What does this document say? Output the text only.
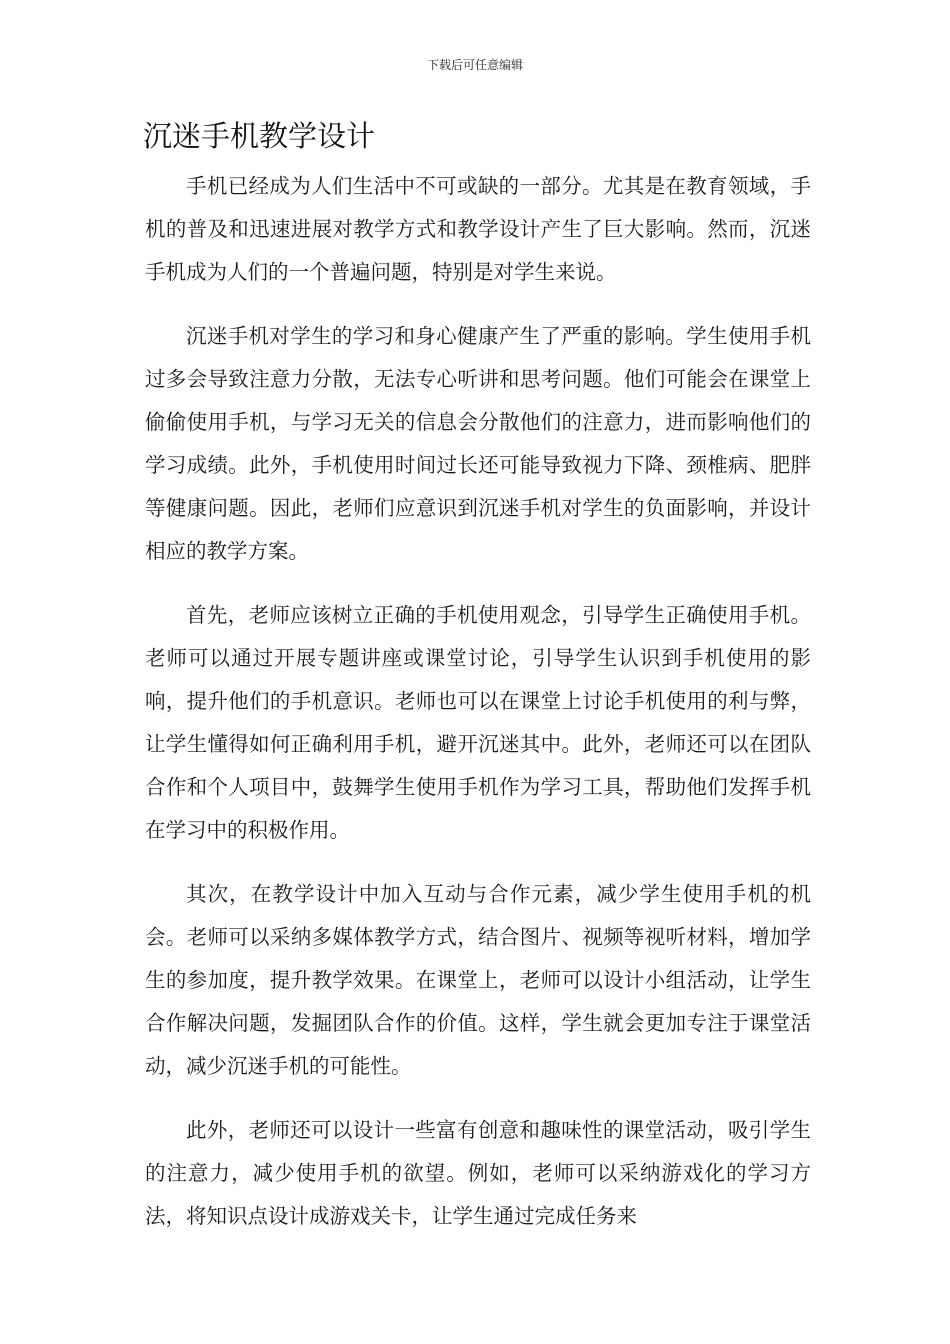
下载后可任意编辑
沉迷手机教学设计

手机已经成为人们生活中不可或缺的一部分。尤其是在教育领域，手机的普及和迅速进展对教学方式和教学设计产生了巨大影响。然而，沉迷手机成为人们的一个普遍问题，特别是对学生来说。

沉迷手机对学生的学习和身心健康产生了严重的影响。学生使用手机过多会导致注意力分散，无法专心听讲和思考问题。他们可能会在课堂上偷偷使用手机，与学习无关的信息会分散他们的注意力，进而影响他们的学习成绩。此外，手机使用时间过长还可能导致视力下降、颈椎病、肥胖等健康问题。因此，老师们应意识到沉迷手机对学生的负面影响，并设计相应的教学方案。

首先，老师应该树立正确的手机使用观念，引导学生正确使用手机。老师可以通过开展专题讲座或课堂讨论，引导学生认识到手机使用的影响，提升他们的手机意识。老师也可以在课堂上讨论手机使用的利与弊，让学生懂得如何正确利用手机，避开沉迷其中。此外，老师还可以在团队合作和个人项目中，鼓舞学生使用手机作为学习工具，帮助他们发挥手机在学习中的积极作用。

其次，在教学设计中加入互动与合作元素，减少学生使用手机的机会。老师可以采纳多媒体教学方式，结合图片、视频等视听材料，增加学生的参加度，提升教学效果。在课堂上，老师可以设计小组活动，让学生合作解决问题，发掘团队合作的价值。这样，学生就会更加专注于课堂活动，减少沉迷手机的可能性。

此外，老师还可以设计一些富有创意和趣味性的课堂活动，吸引学生的注意力，减少使用手机的欲望。例如，老师可以采纳游戏化的学习方法，将知识点设计成游戏关卡，让学生通过完成任务来
